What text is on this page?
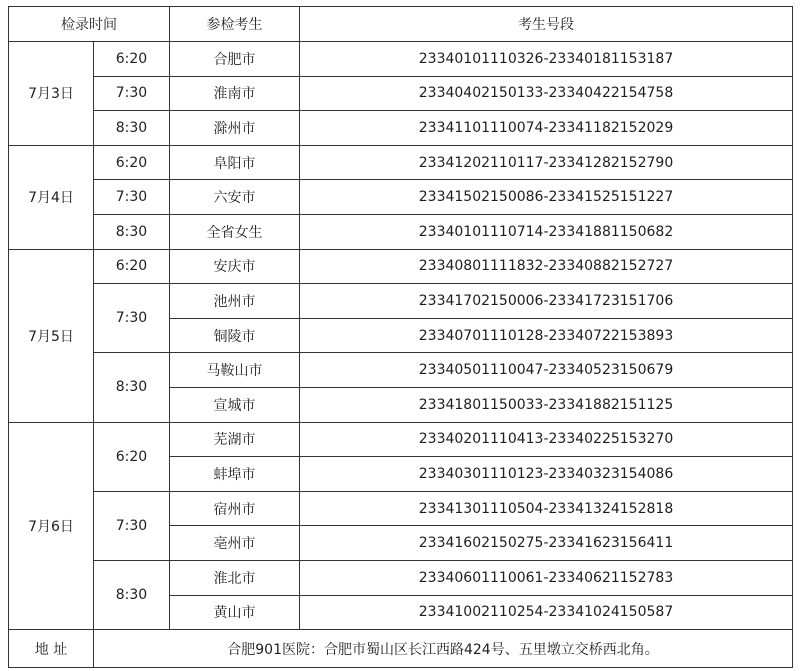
检录时间		参检考生	考生号段
7月3日	6:20	合肥市	23340101110326-23340181153187
	7:30	淮南市	23340402150133-23340422154758
	8:30	滁州市	23341101110074-23341182152029
7月4日	6:20	阜阳市	23341202110117-23341282152790
	7:30	六安市	23341502150086-23341525151227
	8:30	全省女生	23340101110714-23341881150682
7月5日	6:20	安庆市	23340801111832-23340882152727
	7:30	池州市	23341702150006-23341723151706
		铜陵市	23340701110128-23340722153893
	8:30	马鞍山市	23340501110047-23340523150679
		宣城市	23341801150033-23341882151125
7月6日	6:20	芜湖市	23340201110413-23340225153270
		蚌埠市	23340301110123-23340323154086
	7:30	宿州市	23341301110504-23341324152818
		亳州市	23341602150275-23341623156411
	8:30	淮北市	23340601110061-23340621152783
		黄山市	23341002110254-23341024150587
地 址	合肥901医院：合肥市蜀山区长江西路424号、五里墩立交桥西北角。		
